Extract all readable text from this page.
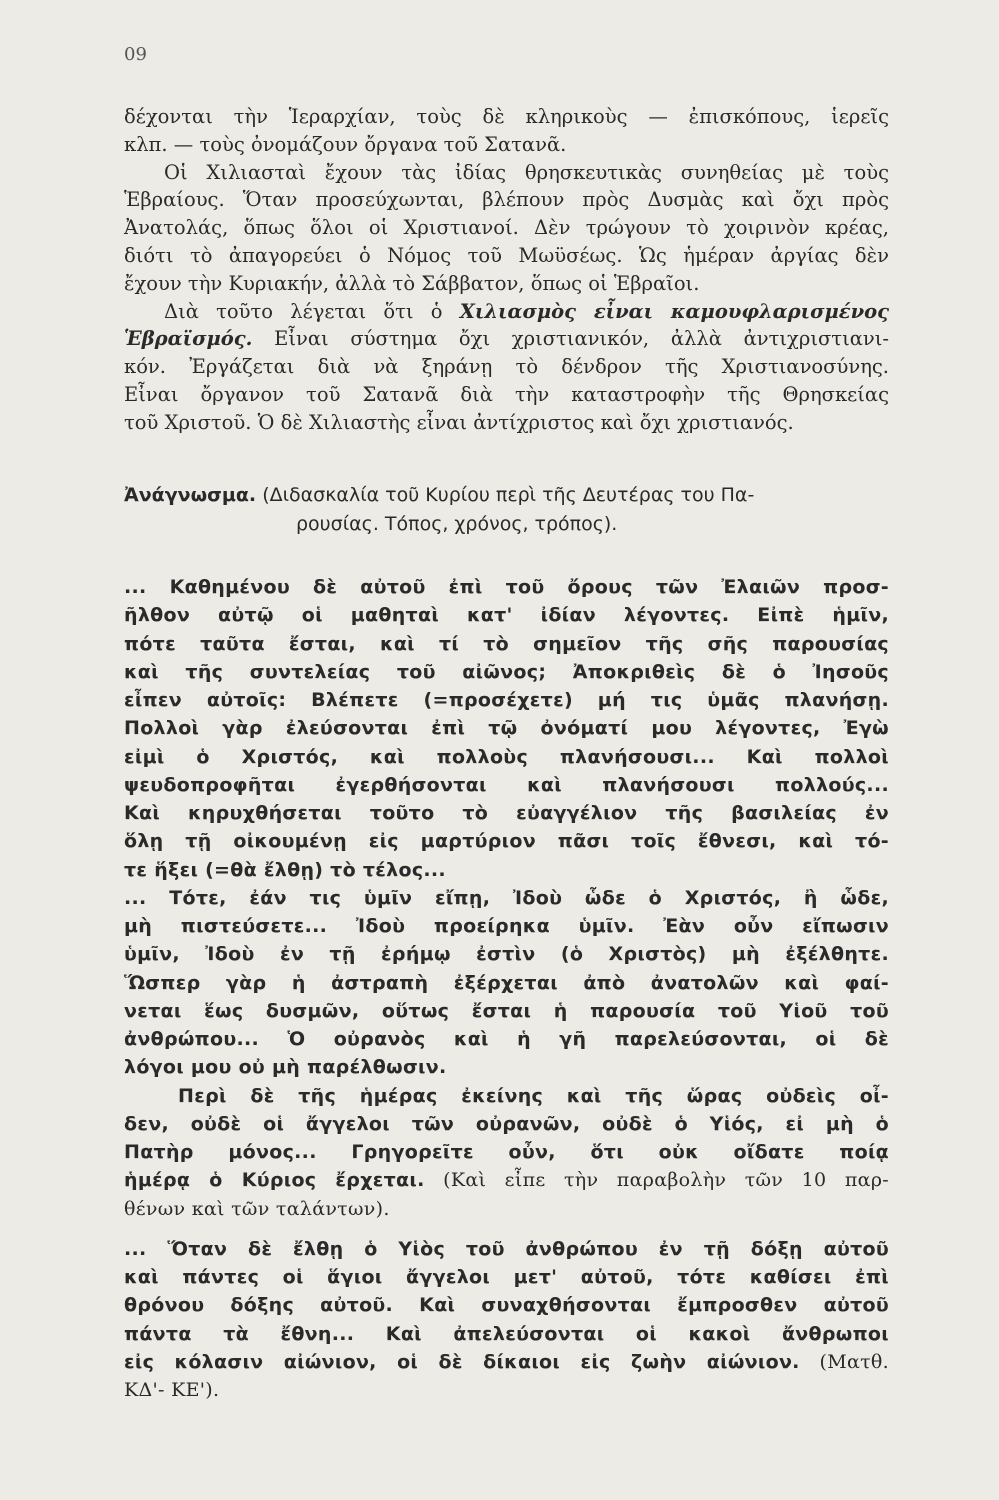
09
δέχονται τὴν Ἱεραρχίαν, τοὺς δὲ κληρικοὺς — ἐπισκόπους, ἱερεῖς
κλπ. — τοὺς ὀνομάζουν ὄργανα τοῦ Σατανᾶ.
Οἱ Χιλιασταὶ ἔχουν τὰς ἰδίας θρησκευτικὰς συνηθείας μὲ τοὺς
Ἑβραίους. Ὅταν προσεύχωνται, βλέπουν πρὸς Δυσμὰς καὶ ὄχι πρὸς
Ἀνατολάς, ὅπως ὅλοι οἱ Χριστιανοί. Δὲν τρώγουν τὸ χοιρινὸν κρέας,
διότι τὸ ἀπαγορεύει ὁ Νόμος τοῦ Μωϋσέως. Ὡς ἡμέραν ἀργίας δὲν
ἔχουν τὴν Κυριακήν, ἀλλὰ τὸ Σάββατον, ὅπως οἱ Ἑβραῖοι.
Διὰ τοῦτο λέγεται ὅτι ὁ Χιλιασμὸς εἶναι καμουφλαρισμένος
Ἑβραϊσμός. Εἶναι σύστημα ὄχι χριστιανικόν, ἀλλὰ ἀντιχριστιανι-
κόν. Ἐργάζεται διὰ νὰ ξηράνῃ τὸ δένδρον τῆς Χριστιανοσύνης.
Εἶναι ὄργανον τοῦ Σατανᾶ διὰ τὴν καταστροφὴν τῆς Θρησκείας
τοῦ Χριστοῦ. Ὁ δὲ Χιλιαστὴς εἶναι ἀντίχριστος καὶ ὄχι χριστιανός.
Ἀνάγνωσμα. (Διδασκαλία τοῦ Κυρίου περὶ τῆς Δευτέρας του Πα-
ρουσίας. Τόπος, χρόνος, τρόπος).
... Καθημένου δὲ αὐτοῦ ἐπὶ τοῦ ὄρους τῶν Ἐλαιῶν προσ-
ῆλθον αὐτῷ οἱ μαθηταὶ κατ' ἰδίαν λέγοντες. Εἰπὲ ἡμῖν,
πότε ταῦτα ἔσται, καὶ τί τὸ σημεῖον τῆς σῆς παρουσίας
καὶ τῆς συντελείας τοῦ αἰῶνος; Ἀποκριθεὶς δὲ ὁ Ἰησοῦς
εἶπεν αὐτοῖς: Βλέπετε (=προσέχετε) μή τις ὑμᾶς πλανήσῃ.
Πολλοὶ γὰρ ἐλεύσονται ἐπὶ τῷ ὀνόματί μου λέγοντες, Ἐγὼ
εἰμὶ ὁ Χριστός, καὶ πολλοὺς πλανήσουσι... Καὶ πολλοὶ
ψευδοπροφῆται ἐγερθήσονται καὶ πλανήσουσι πολλούς...
Καὶ κηρυχθήσεται τοῦτο τὸ εὐαγγέλιον τῆς βασιλείας ἐν
ὅλῃ τῇ οἰκουμένῃ εἰς μαρτύριον πᾶσι τοῖς ἔθνεσι, καὶ τό-
τε ἥξει (=θὰ ἔλθῃ) τὸ τέλος...
... Τότε, ἐάν τις ὑμῖν εἴπῃ, Ἰδοὺ ὧδε ὁ Χριστός, ἢ ὧδε,
μὴ πιστεύσετε... Ἰδοὺ προείρηκα ὑμῖν. Ἐὰν οὖν εἴπωσιν
ὑμῖν, Ἰδοὺ ἐν τῇ ἐρήμῳ ἐστὶν (ὁ Χριστὸς) μὴ ἐξέλθητε.
Ὥσπερ γὰρ ἡ ἀστραπὴ ἐξέρχεται ἀπὸ ἀνατολῶν καὶ φαί-
νεται ἕως δυσμῶν, οὕτως ἔσται ἡ παρουσία τοῦ Υἱοῦ τοῦ
ἀνθρώπου... Ὁ οὐρανὸς καὶ ἡ γῆ παρελεύσονται, οἱ δὲ
λόγοι μου οὐ μὴ παρέλθωσιν.
Περὶ δὲ τῆς ἡμέρας ἐκείνης καὶ τῆς ὥρας οὐδεὶς οἶ-
δεν, οὐδὲ οἱ ἄγγελοι τῶν οὐρανῶν, οὐδὲ ὁ Υἱός, εἰ μὴ ὁ
Πατὴρ μόνος... Γρηγορεῖτε οὖν, ὅτι οὐκ οἴδατε ποίᾳ
ἡμέρᾳ ὁ Κύριος ἔρχεται. (Καὶ εἶπε τὴν παραβολὴν τῶν 10 παρ-
θένων καὶ τῶν ταλάντων).
... Ὅταν δὲ ἔλθῃ ὁ Υἱὸς τοῦ ἀνθρώπου ἐν τῇ δόξῃ αὐτοῦ
καὶ πάντες οἱ ἅγιοι ἄγγελοι μετ' αὐτοῦ, τότε καθίσει ἐπὶ
θρόνου δόξης αὐτοῦ. Καὶ συναχθήσονται ἔμπροσθεν αὐτοῦ
πάντα τὰ ἔθνη... Καὶ ἀπελεύσονται οἱ κακοὶ ἄνθρωποι
εἰς κόλασιν αἰώνιον, οἱ δὲ δίκαιοι εἰς ζωὴν αἰώνιον. (Ματθ.
ΚΔ'- ΚΕ').
